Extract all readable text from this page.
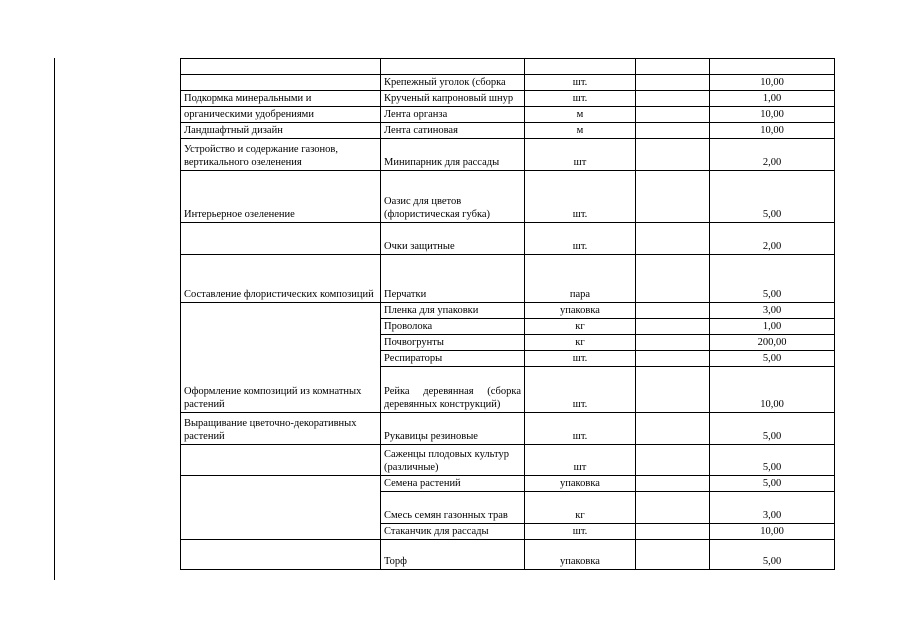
	Крепежный уголок (сборка	шт.		10,00
Подкормка минеральными и	Крученый капроновый шнур	шт.		1,00
органическими удобрениями	Лента органза	м		10,00
Ландшафтный дизайн	Лента сатиновая	м		10,00
Устройство и содержание газонов, вертикального озеленения	Минипарник для рассады	шт		2,00
Интерьерное озеленение	Оазис для цветов (флористическая губка)	шт.		5,00
	Очки защитные	шт.		2,00
Составление флористических композиций	Перчатки	пара		5,00
Оформление композиций из комнатных растений	Пленка для упаковки	упаковка		3,00
	Проволока	кг		1,00
	Почвогрунты	кг		200,00
	Респираторы	шт.		5,00
	Рейка деревянная (сборка деревянных конструкций)	шт.		10,00
Выращивание цветочно-декоративных растений	Рукавицы резиновые	шт.		5,00
	Саженцы плодовых культур (различные)	шт		5,00
	Семена растений	упаковка		5,00
	Смесь семян газонных трав	кг		3,00
	Стаканчик для рассады	шт.		10,00
	Торф	упаковка		5,00
